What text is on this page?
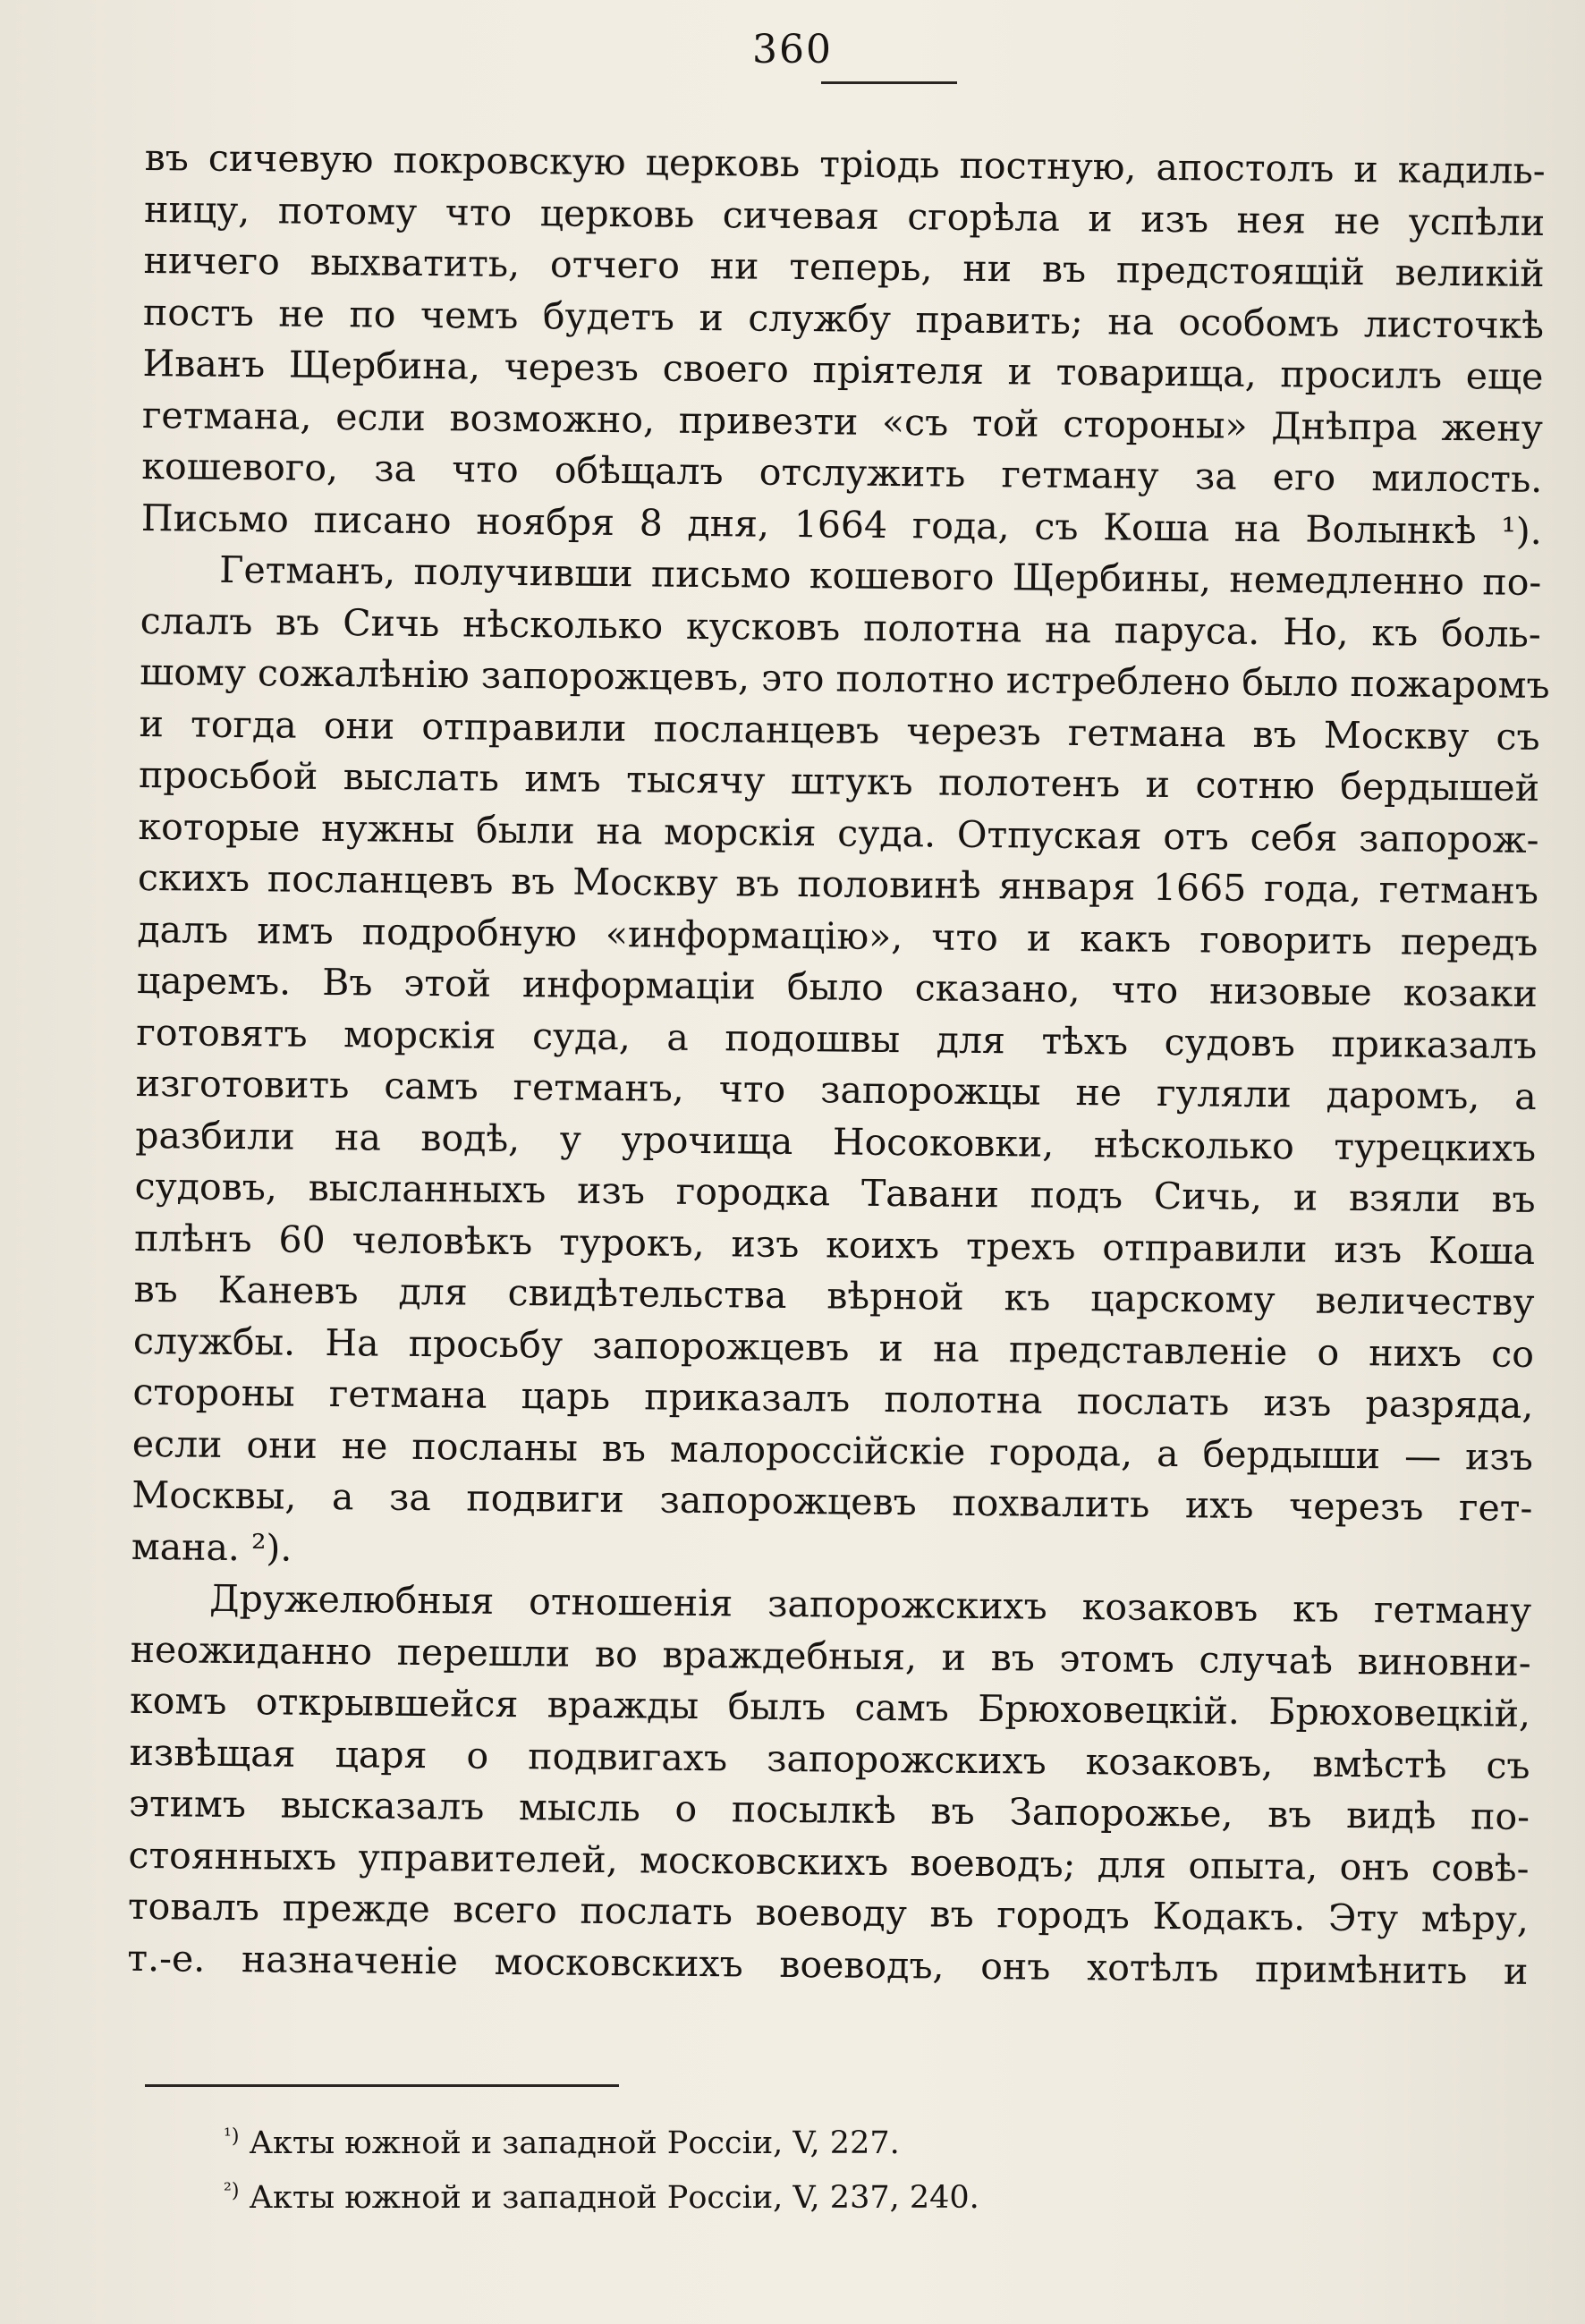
360
въ сичевую покровскую церковь тріодь постную, апостолъ и кадиль-
ницу, потому что церковь сичевая сгорѣла и изъ нея не успѣли
ничего выхватить, отчего ни теперь, ни въ предстоящій великій
постъ не по чемъ будетъ и службу править; на особомъ листочкѣ
Иванъ Щербина, черезъ своего пріятеля и товарища, просилъ еще
гетмана, если возможно, привезти «съ той стороны» Днѣпра жену
кошевого, за что обѣщалъ отслужить гетману за его милость.
Письмо писано ноября 8 дня, 1664 года, съ Коша на Волынкѣ ¹).
Гетманъ, получивши письмо кошевого Щербины, немедленно по-
слалъ въ Сичь нѣсколько кусковъ полотна на паруса. Но, къ боль-
шому сожалѣнію запорожцевъ, это полотно истреблено было пожаромъ
и тогда они отправили посланцевъ черезъ гетмана въ Москву съ
просьбой выслать имъ тысячу штукъ полотенъ и сотню бердышей
которые нужны были на морскія суда. Отпуская отъ себя запорож-
скихъ посланцевъ въ Москву въ половинѣ января 1665 года, гетманъ
далъ имъ подробную «информацію», что и какъ говорить передъ
царемъ. Въ этой информаціи было сказано, что низовые козаки
готовятъ морскія суда, а подошвы для тѣхъ судовъ приказалъ
изготовить самъ гетманъ, что запорожцы не гуляли даромъ, а
разбили на водѣ, у урочища Носоковки, нѣсколько турецкихъ
судовъ, высланныхъ изъ городка Тавани подъ Сичь, и взяли въ
плѣнъ 60 человѣкъ турокъ, изъ коихъ трехъ отправили изъ Коша
въ Каневъ для свидѣтельства вѣрной къ царскому величеству
службы. На просьбу запорожцевъ и на представленіе о нихъ со
стороны гетмана царь приказалъ полотна послать изъ разряда,
если они не посланы въ малороссійскіе города, а бердыши — изъ
Москвы, а за подвиги запорожцевъ похвалить ихъ черезъ гет-
мана. ²).
Дружелюбныя отношенія запорожскихъ козаковъ къ гетману
неожиданно перешли во враждебныя, и въ этомъ случаѣ виновни-
комъ открывшейся вражды былъ самъ Брюховецкій. Брюховецкій,
извѣщая царя о подвигахъ запорожскихъ козаковъ, вмѣстѣ съ
этимъ высказалъ мысль о посылкѣ въ Запорожье, въ видѣ по-
стоянныхъ управителей, московскихъ воеводъ; для опыта, онъ совѣ-
товалъ прежде всего послать воеводу въ городъ Кодакъ. Эту мѣру,
т.-е. назначеніе московскихъ воеводъ, онъ хотѣлъ примѣнить и
$^{^1)}$ Акты южной и западной Россіи, V, 227.
$^{^2)}$ Акты южной и западной Россіи, V, 237, 240.
